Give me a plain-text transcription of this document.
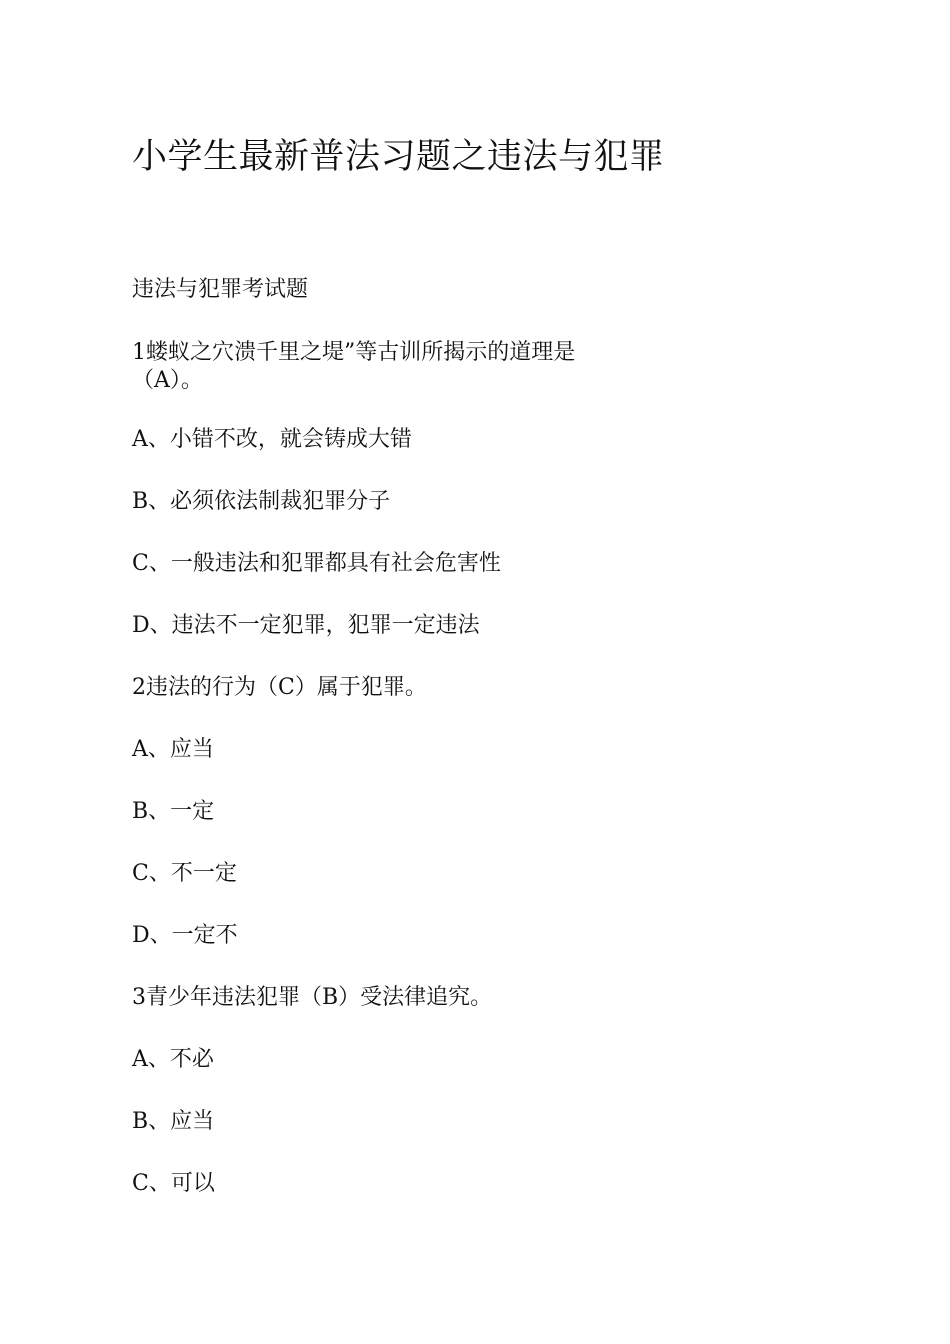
小学生最新普法习题之违法与犯罪
违法与犯罪考试题
1蝼蚁之穴溃千里之堤”等古训所揭示的道理是（A）。
A、小错不改，就会铸成大错
B、必须依法制裁犯罪分子
C、一般违法和犯罪都具有社会危害性
D、违法不一定犯罪，犯罪一定违法
2违法的行为（C）属于犯罪。
A、应当
B、一定
C、不一定
D、一定不
3青少年违法犯罪（B）受法律追究。
A、不必
B、应当
C、可以
